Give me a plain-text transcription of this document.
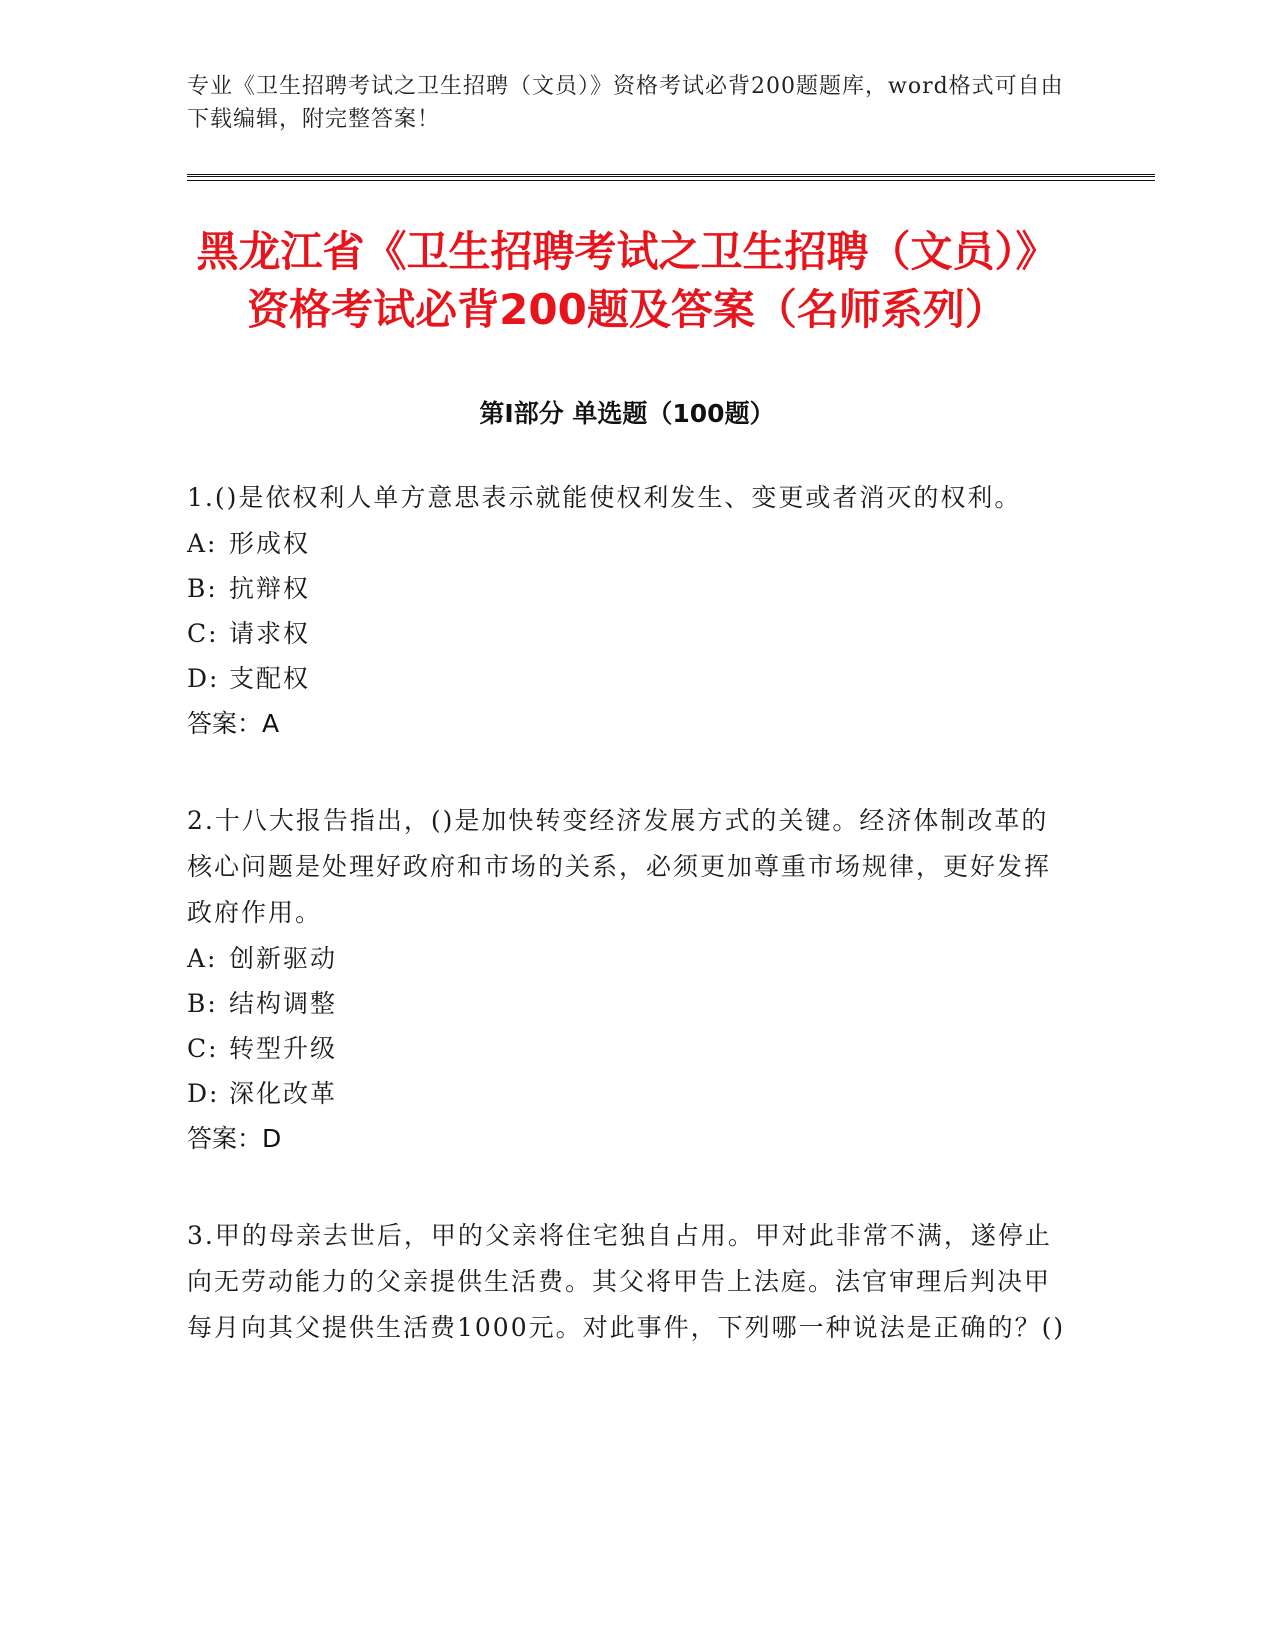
专业《卫生招聘考试之卫生招聘（文员）》资格考试必背200题题库，word格式可自由下载编辑，附完整答案！

黑龙江省《卫生招聘考试之卫生招聘（文员）》资格考试必背200题及答案（名师系列）
第I部分 单选题（100题）

1.()是依权利人单方意思表示就能使权利发生、变更或者消灭的权利。

A: 形成权

B: 抗辩权

C: 请求权

D: 支配权

答案：A

2.十八大报告指出，()是加快转变经济发展方式的关键。经济体制改革的核心问题是处理好政府和市场的关系，必须更加尊重市场规律，更好发挥政府作用。

A: 创新驱动

B: 结构调整

C: 转型升级

D: 深化改革

答案：D

3.甲的母亲去世后，甲的父亲将住宅独自占用。甲对此非常不满，遂停止向无劳动能力的父亲提供生活费。其父将甲告上法庭。法官审理后判决甲每月向其父提供生活费1000元。对此事件，下列哪一种说法是正确的？()
